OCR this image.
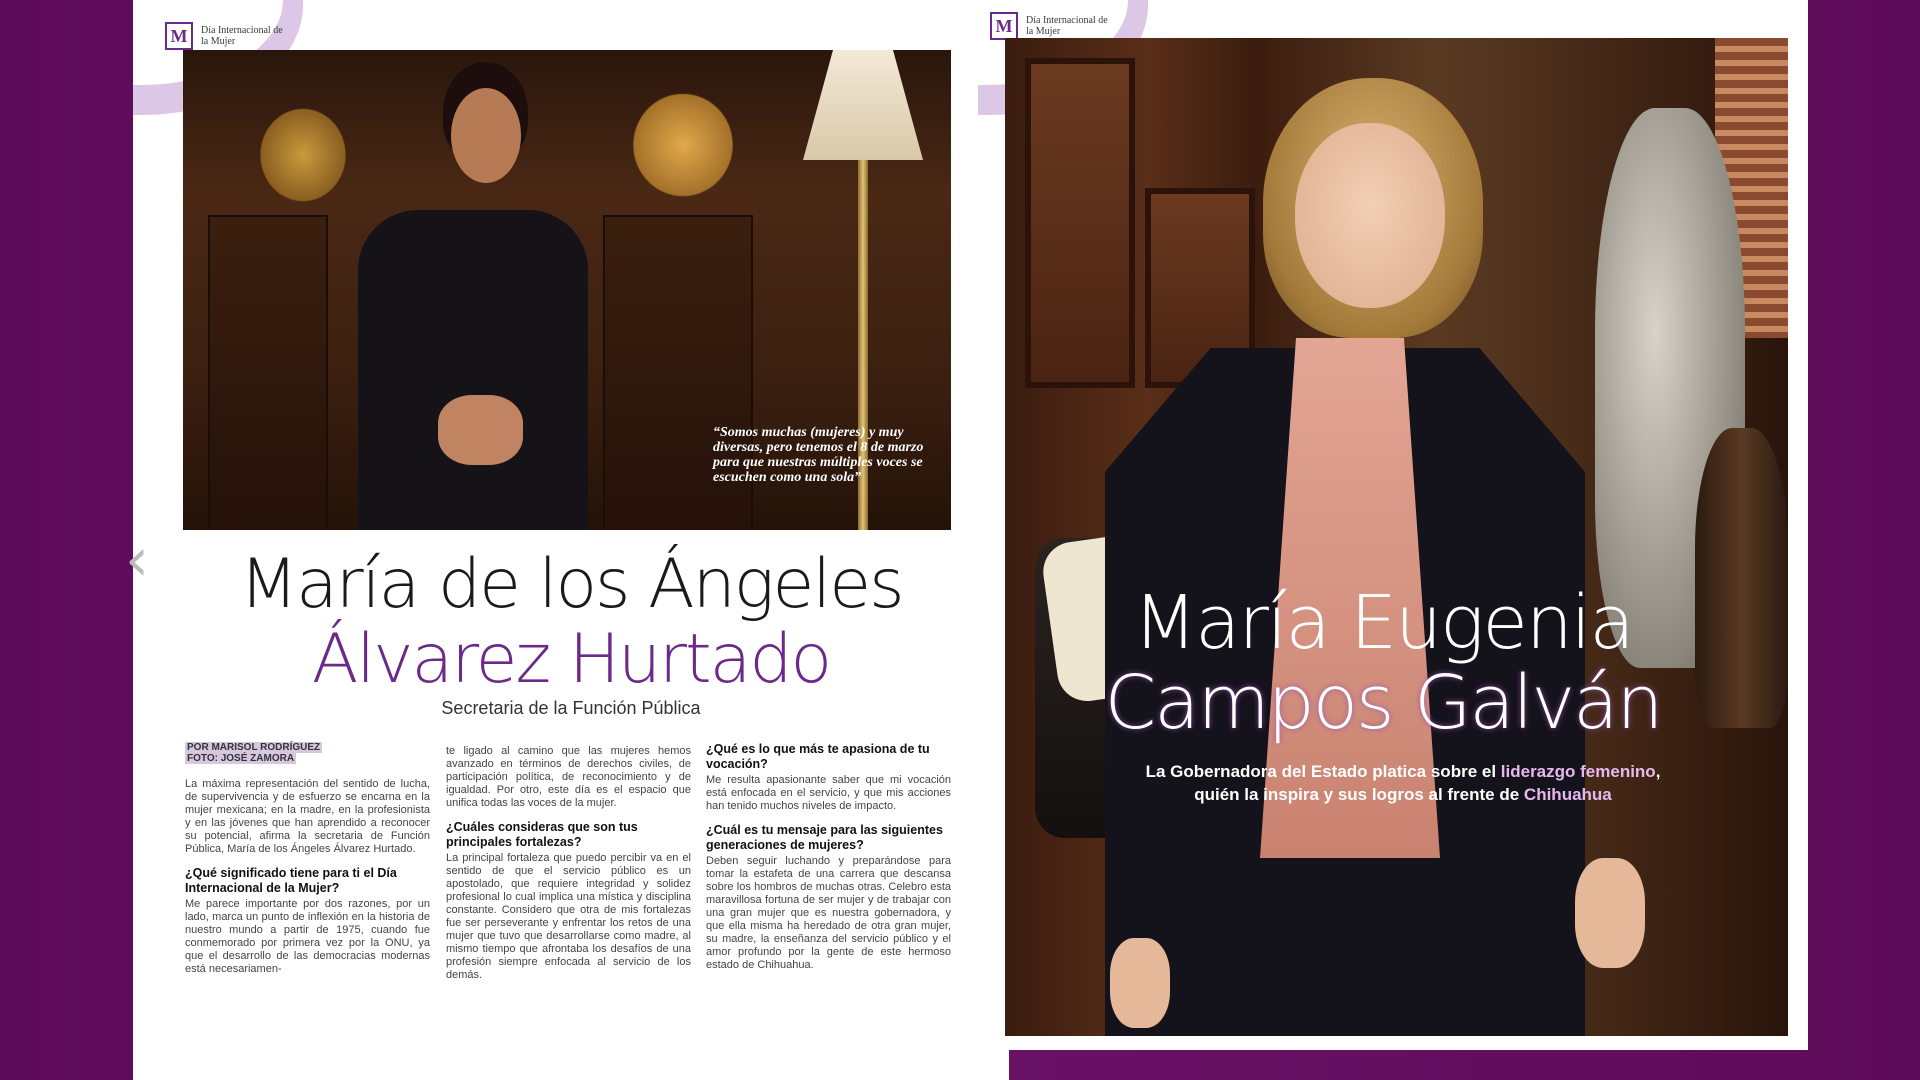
M	Día Internacional de la Mujer
“Somos muchas (mujeres) y muy diversas, pero tenemos el 8 de marzo para que nuestras múltiples voces se escuchen como una sola”
María de los Ángeles
Álvarez Hurtado
Secretaria de la Función Pública
POR MARISOL RODRÍGUEZ
FOTO: JOSÉ ZAMORA

La máxima representación del sentido de lucha, de supervivencia y de esfuerzo se encarna en la mujer mexicana; en la madre, en la profesionista y en las jóvenes que han aprendido a reconocer su potencial, afirma la secretaria de Función Pública, María de los Ángeles Álvarez Hurtado.

¿Qué significado tiene para ti el Día Internacional de la Mujer?

Me parece importante por dos razones, por un lado, marca un punto de inflexión en la historia de nuestro mundo a partir de 1975, cuando fue conmemorado por primera vez por la ONU, ya que el desarrollo de las democracias modernas está necesariamen-

te ligado al camino que las mujeres hemos avanzado en términos de derechos civiles, de participación política, de reconocimiento y de igualdad. Por otro, este día es el espacio que unifica todas las voces de la mujer.

¿Cuáles consideras que son tus principales fortalezas?

La principal fortaleza que puedo percibir va en el sentido de que el servicio público es un apostolado, que requiere integridad y solidez profesional lo cual implica una mística y disciplina constante. Considero que otra de mis fortalezas fue ser perseverante y enfrentar los retos de una mujer que tuvo que desarrollarse como madre, al mismo tiempo que afrontaba los desafíos de una profesión siempre enfocada al servicio de los demás.

¿Qué es lo que más te apasiona de tu vocación?

Me resulta apasionante saber que mi vocación está enfocada en el servicio, y que mis acciones han tenido muchos niveles de impacto.

¿Cuál es tu mensaje para las siguientes generaciones de mujeres?

Deben seguir luchando y preparándose para tomar la estafeta de una carrera que descansa sobre los hombros de muchas otras. Celebro esta maravillosa fortuna de ser mujer y de trabajar con una gran mujer que es nuestra gobernadora, y que ella misma ha heredado de otra gran mujer, su madre, la enseñanza del servicio público y el amor profundo por la gente de este hermoso estado de Chihuahua.

‹
M	Día Internacional de la Mujer
María Eugenia
Campos Galván
La Gobernadora del Estado platica sobre el liderazgo femenino,
quién la inspira y sus logros al frente de Chihuahua
